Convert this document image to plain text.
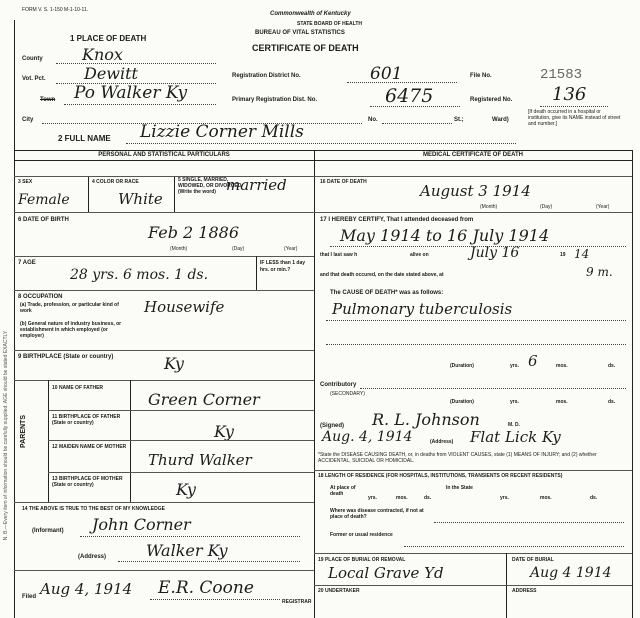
FORM V. S. 1-150 M-1-10-11.
Commonwealth of Kentucky
STATE BOARD OF HEALTH
BUREAU OF VITAL STATISTICS
CERTIFICATE OF DEATH
Registration District No.	601
Primary Registration Dist. No.	6475
File No.	21583
Registered No. 136
[If death occurred in a hospital or institution, give its NAME instead of street and number.]
1 PLACE OF DEATH
County Knox
Vot. Pct. Dewitt
Town Po Walker Ky
City	No.	St.;	Ward)
2 FULL NAME Lizzie Corner Mills
PERSONAL AND STATISTICAL PARTICULARS	MEDICAL CERTIFICATE OF DEATH
3 SEX
Female
4 COLOR OR RACE
White
5 SINGLE, MARRIED, WIDOWED, OR DIVORCED (Write the word) married
6 DATE OF BIRTH
Feb 2 1886
(Month)	(Day)	(Year)
7 AGE
28 yrs. 6 mos. 1 ds.
IF LESS than 1 day hrs. or min.?
8 OCCUPATION
(a) Trade, profession, or particular kind of work	Housewife
(b) General nature of industry business, or establishment in which employed (or employer)
9 BIRTHPLACE (State or country)	Ky
PARENTS
10 NAME OF FATHER
Green Corner
11 BIRTHPLACE OF FATHER (State or country)	Ky
12 MAIDEN NAME OF MOTHER
Thurd Walker
13 BIRTHPLACE OF MOTHER (State or country)	Ky
14 THE ABOVE IS TRUE TO THE BEST OF MY KNOWLEDGE
(Informant) John Corner
(Address) Walker Ky
Filed Aug 4, 1914 E.R. Coone
REGISTRAR
N. B.—Every item of information should be carefully supplied. AGE should be stated EXACTLY.
16 DATE OF DEATH	August 3 1914
(Month)	(Day)	(Year)
17 I HEREBY CERTIFY, That I attended deceased from
May 1914 to 16 July 1914
that I last saw h	alive on	July 16	19 14
and that death occured, on the date stated above, at	9 m.
The CAUSE OF DEATH* was as follows:
Pulmonary tuberculosis
(Duration)	yrs. 6	mos.	ds.
Contributory
(SECONDARY)
(Duration)	yrs.	mos.	ds.
(Signed) R. L. Johnson	M. D.
Aug. 4, 1914	(Address) Flat Lick Ky
*State the DISEASE CAUSING DEATH, or, in deaths from VIOLENT CAUSES, state (1) MEANS OF INJURY; and (2) whether ACCIDENTAL, SUICIDAL OR HOMICIDAL.
18 LENGTH OF RESIDENCE (FOR HOSPITALS, INSTITUTIONS, TRANSIENTS OR RECENT RESIDENTS)
At place of death
yrs.	mos.	ds.
In the State
yrs.	mos.	ds.
Where was disease contracted, if not at place of death?
Former or usual residence
19 PLACE OF BURIAL OR REMOVAL
Local Grave Yd
DATE OF BURIAL
Aug 4 1914
20 UNDERTAKER	ADDRESS
